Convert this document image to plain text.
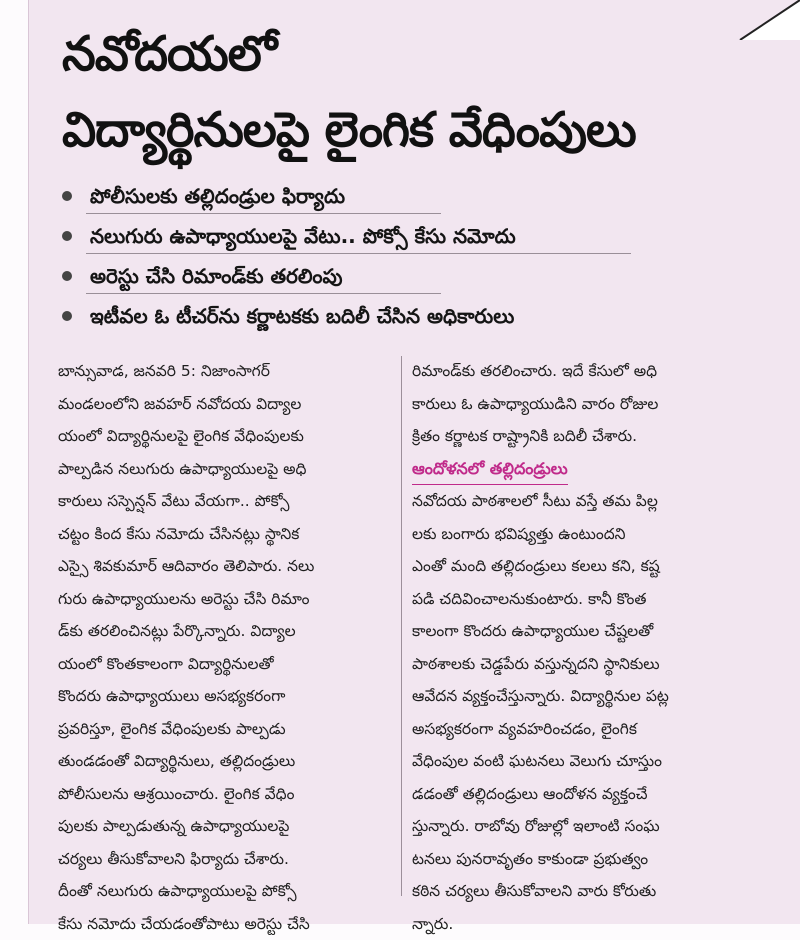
నవోదయలో
విద్యార్థినులపై లైంగిక వేధింపులు
పోలీసులకు తల్లిదండ్రుల ఫిర్యాదు
నలుగురు ఉపాధ్యాయులపై వేటు.. పోక్సో కేసు నమోదు
అరెస్టు చేసి రిమాండ్‌కు తరలింపు
ఇటీవల ఓ టీచర్‌ను కర్ణాటకకు బదిలీ చేసిన అధికారులు
బాన్సువాడ, జనవరి 5: నిజాంసాగర్
మండలంలోని జవహర్ నవోదయ విద్యాల
యంలో విద్యార్థినులపై లైంగిక వేధింపులకు
పాల్పడిన నలుగురు ఉపాధ్యాయులపై అధి
కారులు సస్పెన్షన్ వేటు వేయగా.. పోక్సో
చట్టం కింద కేసు నమోదు చేసినట్లు స్థానిక
ఎస్సై శివకుమార్ ఆదివారం తెలిపారు. నలు
గురు ఉపాధ్యాయులను అరెస్టు చేసి రిమాం
డ్‌కు తరలించినట్లు పేర్కొన్నారు. విద్యాల
యంలో కొంతకాలంగా విద్యార్థినులతో
కొందరు ఉపాధ్యాయులు అసభ్యకరంగా
ప్రవరిస్తూ, లైంగిక వేధింపులకు పాల్పడు
తుండడంతో విద్యార్థినులు, తల్లిదండ్రులు
పోలీసులను ఆశ్రయించారు. లైంగిక వేధిం
పులకు పాల్పడుతున్న ఉపాధ్యాయులపై
చర్యలు తీసుకోవాలని ఫిర్యాదు చేశారు.
దీంతో నలుగురు ఉపాధ్యాయులపై పోక్సో
కేసు నమోదు చేయడంతోపాటు అరెస్టు చేసి
రిమాండ్‌కు తరలించారు. ఇదే కేసులో అధి
కారులు ఓ ఉపాధ్యాయుడిని వారం రోజుల
క్రితం కర్ణాటక రాష్ట్రానికి బదిలీ చేశారు.
ఆందోళనలో తల్లిదండ్రులు
నవోదయ పాఠశాలలో సీటు వస్తే తమ పిల్ల
లకు బంగారు భవిష్యత్తు ఉంటుందని
ఎంతో మంది తల్లిదండ్రులు కలలు కని, కష్ట
పడి చదివించాలనుకుంటారు. కానీ కొంత
కాలంగా కొందరు ఉపాధ్యాయుల చేష్టలతో
పాఠశాలకు చెడ్డపేరు వస్తున్నదని స్థానికులు
ఆవేదన వ్యక్తంచేస్తున్నారు. విద్యార్థినుల పట్ల
అసభ్యకరంగా వ్యవహరించడం, లైంగిక
వేధింపుల వంటి ఘటనలు వెలుగు చూస్తుం
డడంతో తల్లిదండ్రులు ఆందోళన వ్యక్తంచే
స్తున్నారు. రాబోవు రోజుల్లో ఇలాంటి సంఘ
టనలు పునరావృతం కాకుండా ప్రభుత్వం
కఠిన చర్యలు తీసుకోవాలని వారు కోరుతు
న్నారు.
